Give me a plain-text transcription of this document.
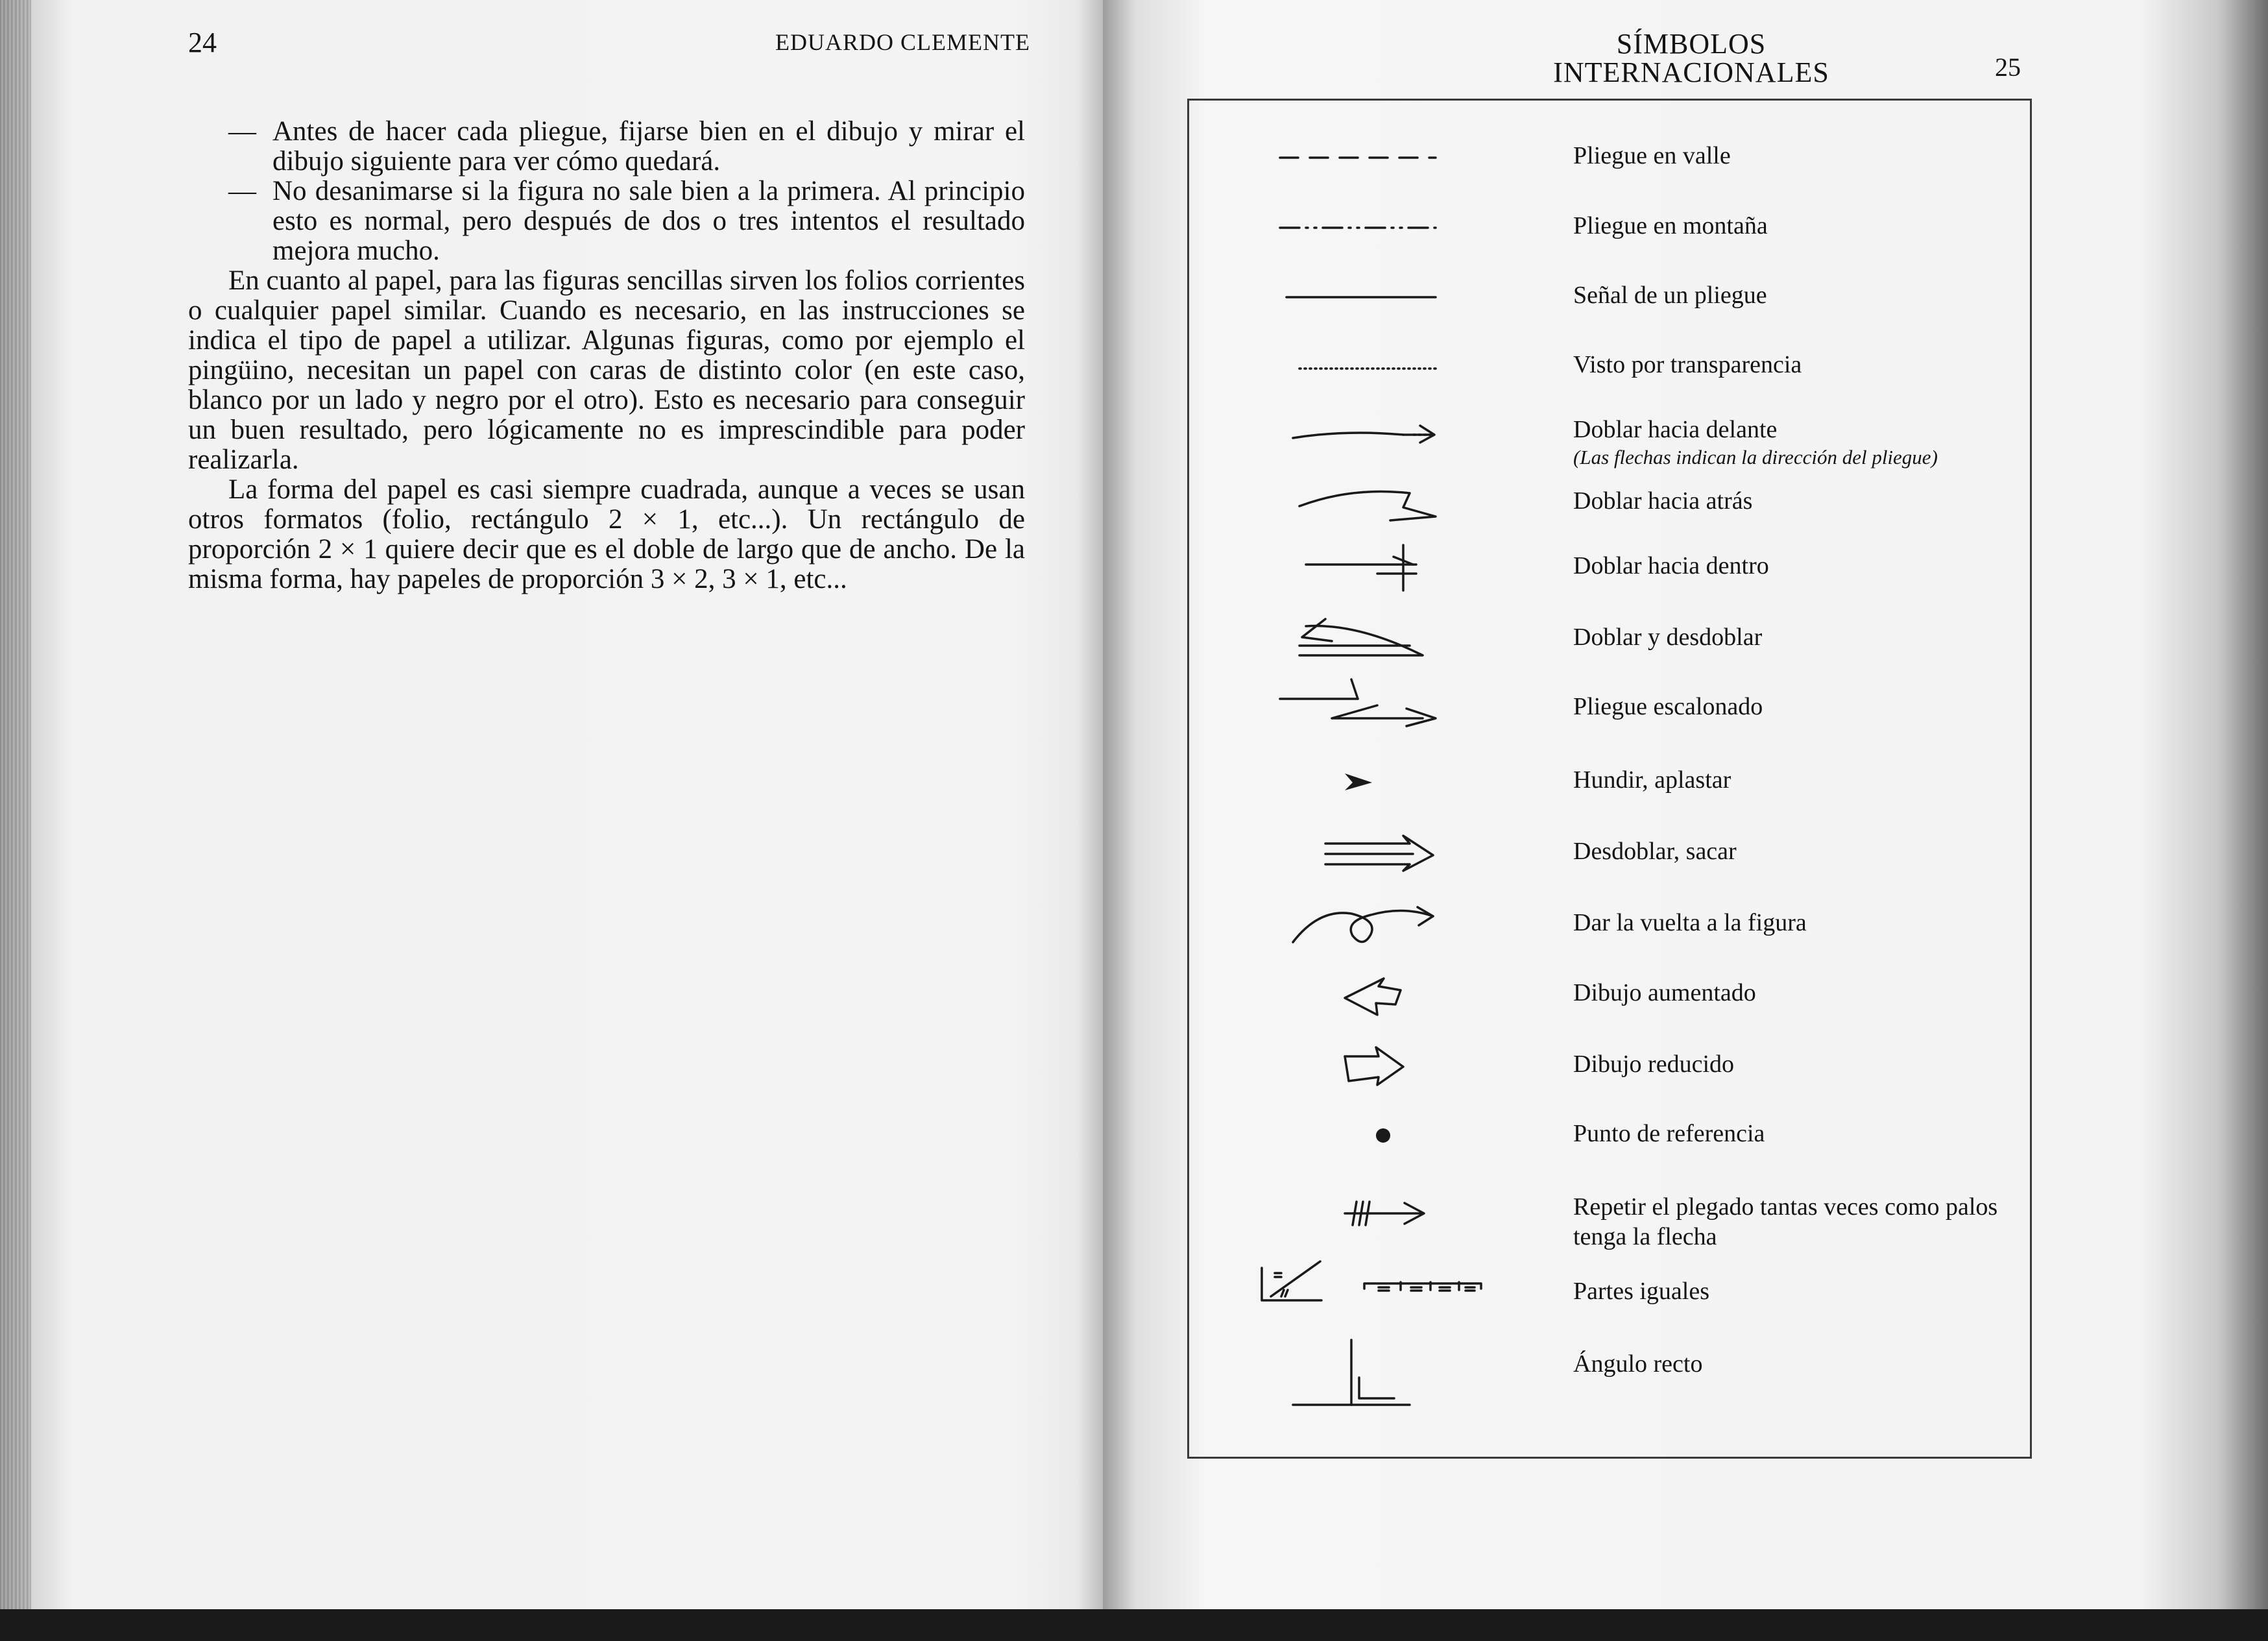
24	EDUARDO CLEMENTE
— Antes de hacer cada pliegue, fijarse bien en el dibujo y mirar el dibujo siguiente para ver cómo quedará.
— No desanimarse si la figura no sale bien a la primera. Al principio esto es normal, pero después de dos o tres intentos el resultado mejora mucho.

En cuanto al papel, para las figuras sencillas sirven los folios corrientes o cualquier papel similar. Cuando es necesario, en las instrucciones se indica el tipo de papel a utilizar. Algunas figuras, como por ejemplo el pingüino, necesitan un papel con caras de distinto color (en este caso, blanco por un lado y negro por el otro). Esto es necesario para conseguir un buen resultado, pero lógicamente no es imprescindible para poder realizarla.

La forma del papel es casi siempre cuadrada, aunque a veces se usan otros formatos (folio, rectángulo 2 × 1, etc...). Un rectángulo de proporción 2 × 1 quiere decir que es el doble de largo que de ancho. De la misma forma, hay papeles de proporción 3 × 2, 3 × 1, etc...

SÍMBOLOS
INTERNACIONALES	25
Pliegue en valle
Pliegue en montaña
Señal de un pliegue
Visto por transparencia
Doblar hacia delante
(Las flechas indican la dirección del pliegue)
Doblar hacia atrás
Doblar hacia dentro
Doblar y desdoblar
Pliegue escalonado
Hundir, aplastar
Desdoblar, sacar
Dar la vuelta a la figura
Dibujo aumentado
Dibujo reducido
Punto de referencia
Repetir el plegado tantas veces como palos tenga la flecha
Partes iguales
Ángulo recto
